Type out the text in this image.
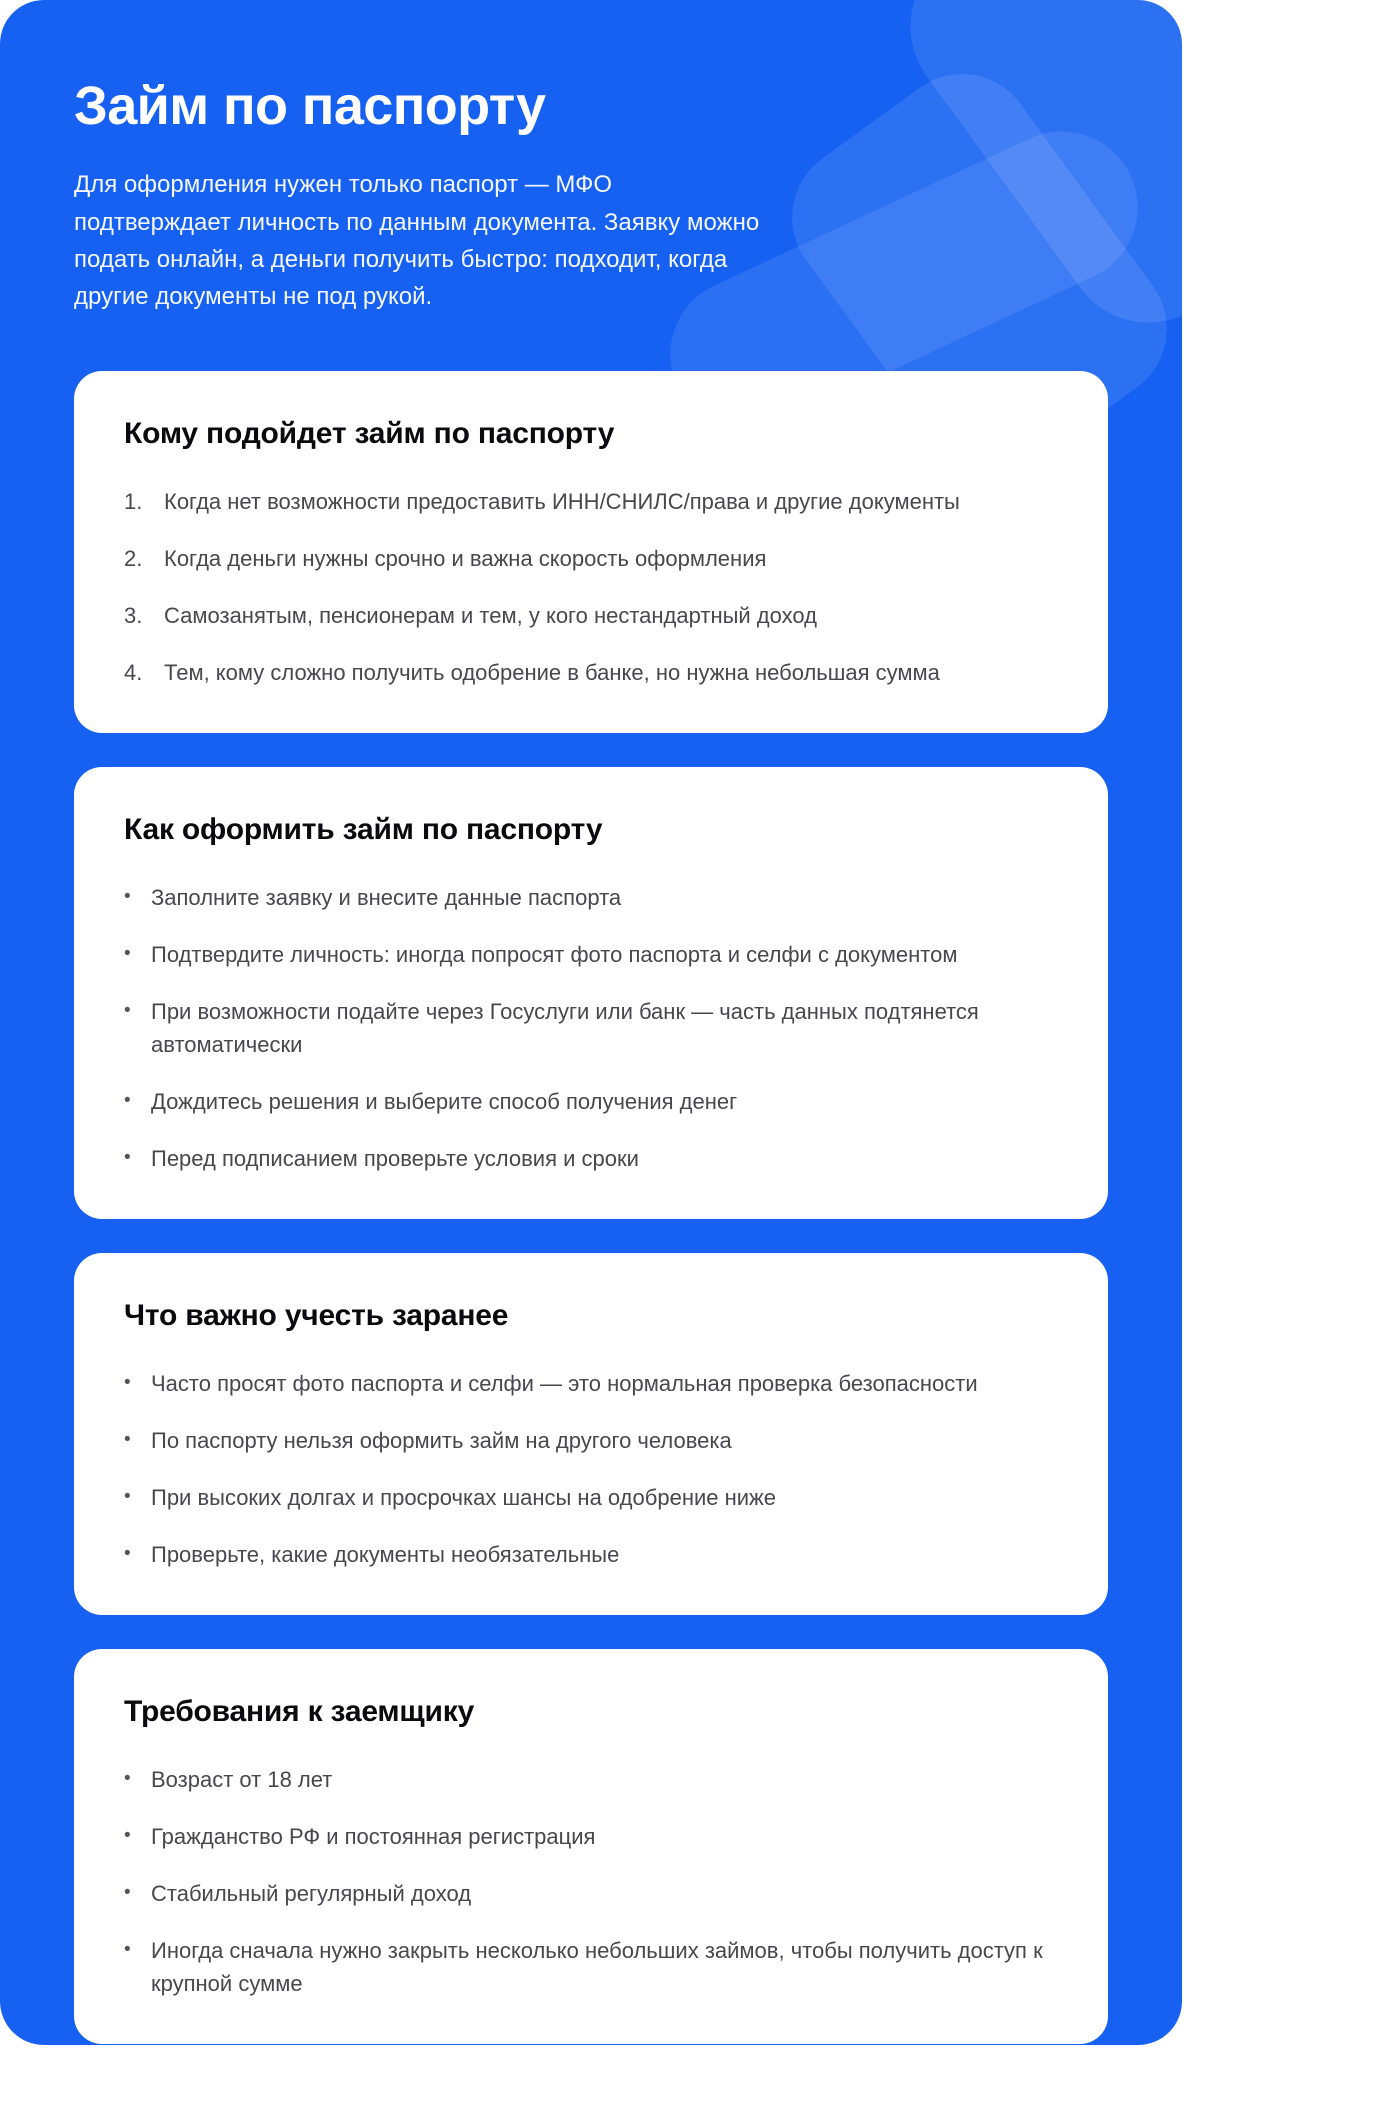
Займ по паспорту

Для оформления нужен только паспорт — МФО подтверждает личность по данным документа. Заявку можно подать онлайн, а деньги получить быстро: подходит, когда другие документы не под рукой.

Кому подойдет займ по паспорту
1. Когда нет возможности предоставить ИНН/СНИЛС/права и другие документы
2. Когда деньги нужны срочно и важна скорость оформления
3. Самозанятым, пенсионерам и тем, у кого нестандартный доход
4. Тем, кому сложно получить одобрение в банке, но нужна небольшая сумма
Как оформить займ по паспорту
• Заполните заявку и внесите данные паспорта
• Подтвердите личность: иногда попросят фото паспорта и селфи с документом
• При возможности подайте через Госуслуги или банк — часть данных подтянется автоматически
• Дождитесь решения и выберите способ получения денег
• Перед подписанием проверьте условия и сроки
Что важно учесть заранее
• Часто просят фото паспорта и селфи — это нормальная проверка безопасности
• По паспорту нельзя оформить займ на другого человека
• При высоких долгах и просрочках шансы на одобрение ниже
• Проверьте, какие документы необязательные
Требования к заемщику
• Возраст от 18 лет
• Гражданство РФ и постоянная регистрация
• Стабильный регулярный доход
• Иногда сначала нужно закрыть несколько небольших займов, чтобы получить доступ к крупной сумме
ВЗО . эксперт по займам
